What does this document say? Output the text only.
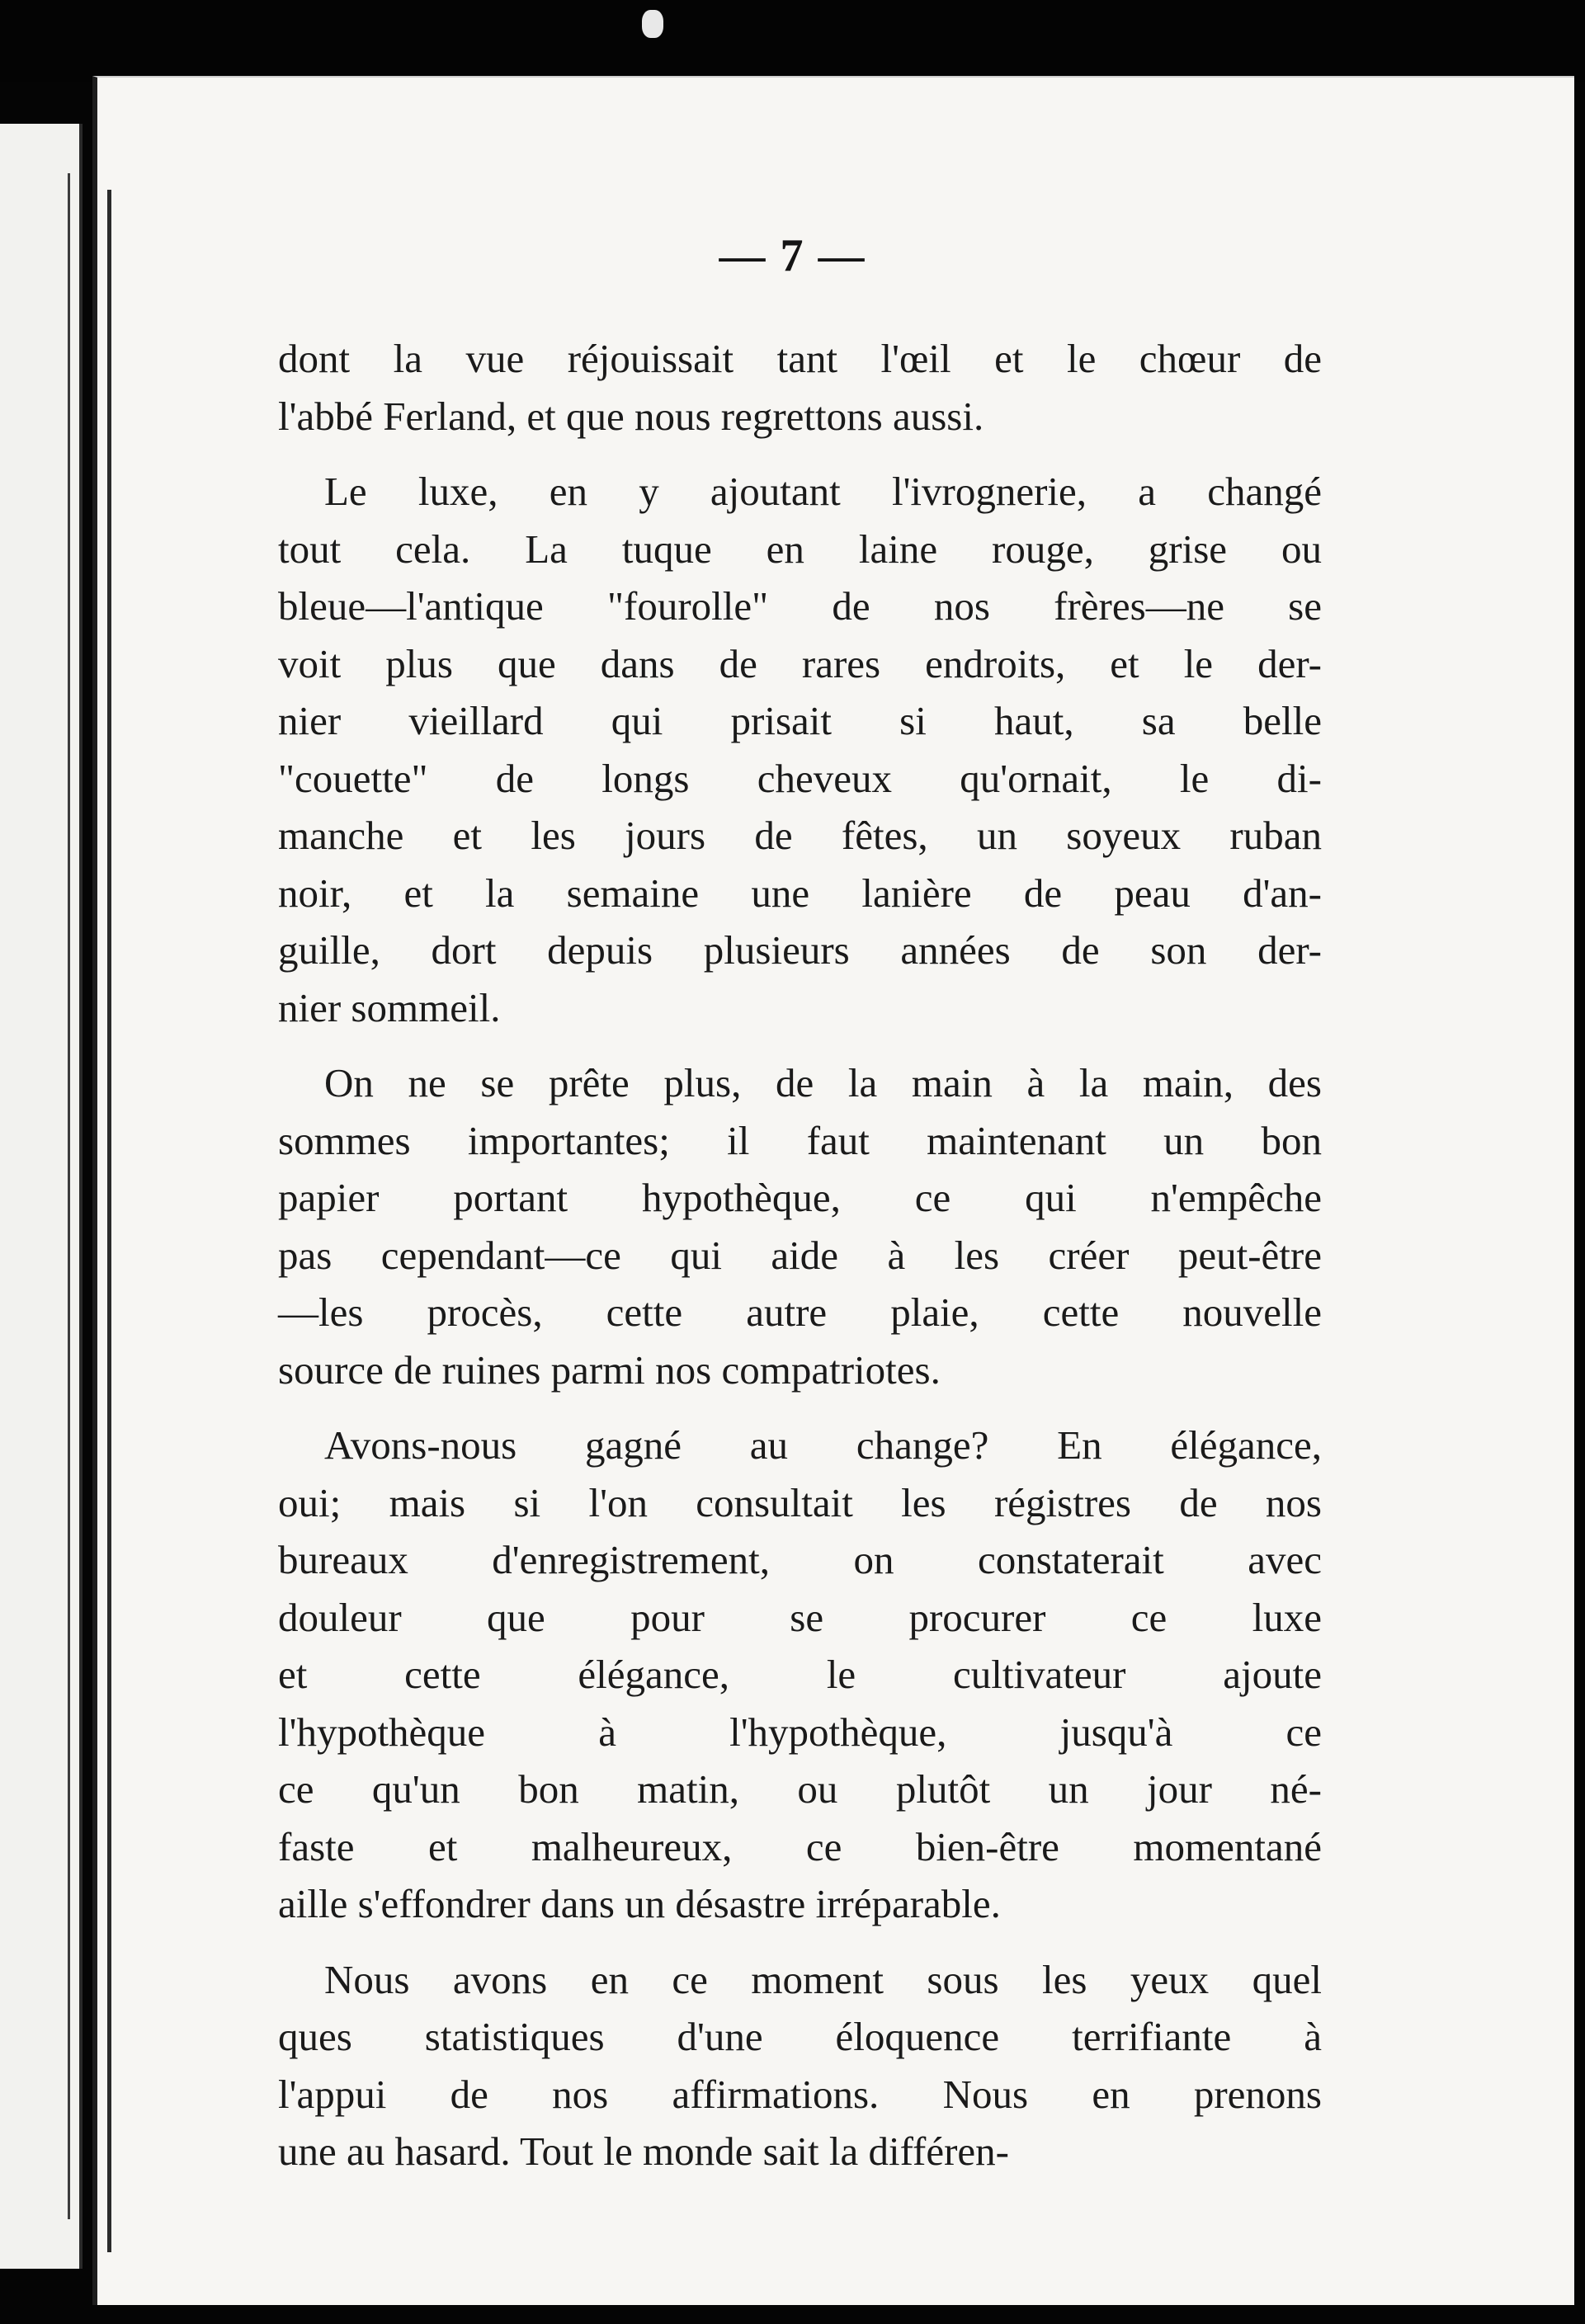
— 7 —
dont la vue réjouissait tant l'œil et le chœur de
l'abbé Ferland, et que nous regrettons aussi.
Le luxe, en y ajoutant l'ivrognerie, a changé
tout cela. La tuque en laine rouge, grise ou
bleue—l'antique "fourolle" de nos frères—ne se
voit plus que dans de rares endroits, et le der-
nier vieillard qui prisait si haut, sa belle
"couette" de longs cheveux qu'ornait, le di-
manche et les jours de fêtes, un soyeux ruban
noir, et la semaine une lanière de peau d'an-
guille, dort depuis plusieurs années de son der-
nier sommeil.
On ne se prête plus, de la main à la main, des
sommes importantes; il faut maintenant un bon
papier portant hypothèque, ce qui n'empêche
pas cependant—ce qui aide à les créer peut-être
—les procès, cette autre plaie, cette nouvelle
source de ruines parmi nos compatriotes.
Avons-nous gagné au change? En élégance,
oui; mais si l'on consultait les régistres de nos
bureaux d'enregistrement, on constaterait avec
douleur que pour se procurer ce luxe
et cette élégance, le cultivateur ajoute
l'hypothèque à l'hypothèque, jusqu'à ce
ce qu'un bon matin, ou plutôt un jour né-
faste et malheureux, ce bien-être momentané
aille s'effondrer dans un désastre irréparable.
Nous avons en ce moment sous les yeux quel
ques statistiques d'une éloquence terrifiante à
l'appui de nos affirmations. Nous en prenons
une au hasard. Tout le monde sait la différen-
